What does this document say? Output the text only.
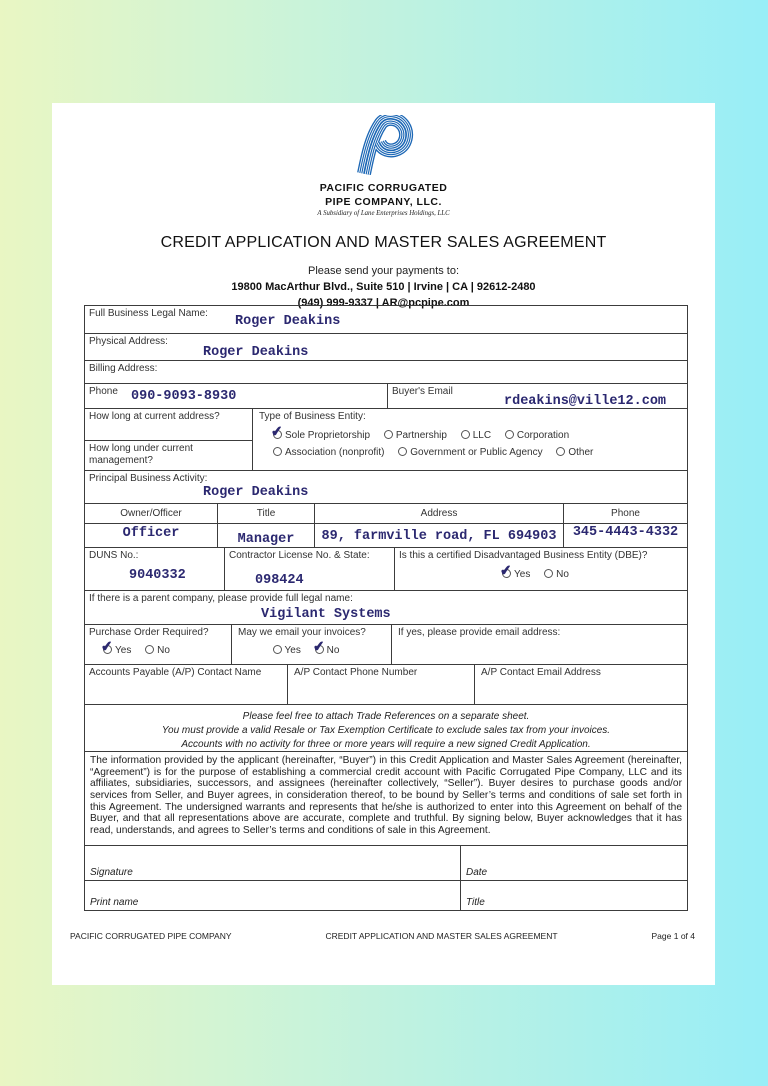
PACIFIC CORRUGATED
PIPE COMPANY, LLC.
A Subsidiary of Lane Enterprises Holdings, LLC
CREDIT APPLICATION AND MASTER SALES AGREEMENT
Please send your payments to:
19800 MacArthur Blvd., Suite 510 | Irvine | CA | 92612-2480
(949) 999-9337 | AR@pcpipe.com
Full Business Legal Name:
Roger Deakins
Physical Address:
Roger Deakins
Billing Address:
Phone 090-9093-8930	Buyer's Email
rdeakins@ville12.com
How long at current address?
How long under current management?
Type of Business Entity:
✔ Sole Proprietorship	Partnership	LLC	Corporation
Association (nonprofit)	Government or Public Agency	Other
Principal Business Activity:
Roger Deakins
Owner/Officer	Title	Address	Phone
Officer	Manager	89, farmville road, FL 694903	345-4443-4332
DUNS No.:
9040332
Contractor License No. & State:
098424
Is this a certified Disadvantaged Business Entity (DBE)?
✔ Yes	No
If there is a parent company, please provide full legal name:
Vigilant Systems
Purchase Order Required?
✔ Yes	No
May we email your invoices?
Yes ✔ No
If yes, please provide email address:
Accounts Payable (A/P) Contact Name	A/P Contact Phone Number	A/P Contact Email Address
Please feel free to attach Trade References on a separate sheet.
You must provide a valid Resale or Tax Exemption Certificate to exclude sales tax from your invoices.
Accounts with no activity for three or more years will require a new signed Credit Application.
The information provided by the applicant (hereinafter, “Buyer”) in this Credit Application and Master Sales Agreement (hereinafter, “Agreement”) is for the purpose of establishing a commercial credit account with Pacific Corrugated Pipe Company, LLC and its affiliates, subsidiaries, successors, and assignees (hereinafter collectively, “Seller”). Buyer desires to purchase goods and/or services from Seller, and Buyer agrees, in consideration thereof, to be bound by Seller’s terms and conditions of sale set forth in this Agreement. The undersigned warrants and represents that he/she is authorized to enter into this Agreement on behalf of the Buyer, and that all representations above are accurate, complete and truthful. By signing below, Buyer acknowledges that it has read, understands, and agrees to Seller’s terms and conditions of sale in this Agreement.
Signature	Date
Print name	Title
PACIFIC CORRUGATED PIPE COMPANY	CREDIT APPLICATION AND MASTER SALES AGREEMENT	Page 1 of 4
